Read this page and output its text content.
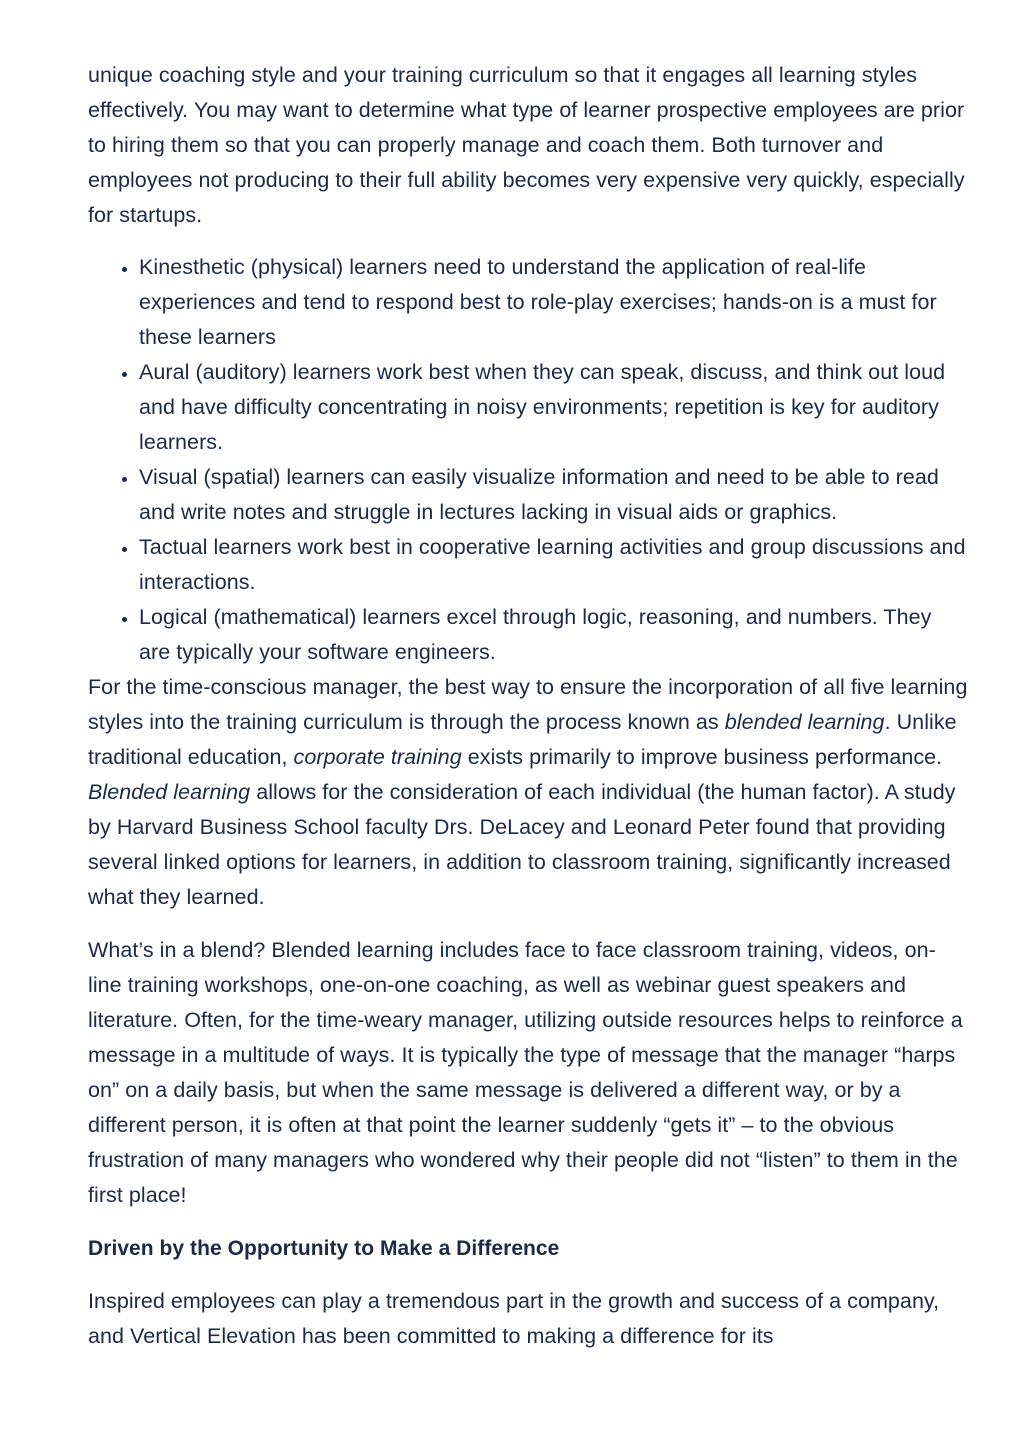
unique coaching style and your training curriculum so that it engages all learning styles effectively. You may want to determine what type of learner prospective employees are prior to hiring them so that you can properly manage and coach them. Both turnover and employees not producing to their full ability becomes very expensive very quickly, especially for startups.

• Kinesthetic (physical) learners need to understand the application of real-life experiences and tend to respond best to role-play exercises; hands-on is a must for these learners
• Aural (auditory) learners work best when they can speak, discuss, and think out loud and have difficulty concentrating in noisy environments; repetition is key for auditory learners.
• Visual (spatial) learners can easily visualize information and need to be able to read and write notes and struggle in lectures lacking in visual aids or graphics.
• Tactual learners work best in cooperative learning activities and group discussions and interactions.
• Logical (mathematical) learners excel through logic, reasoning, and numbers. They are typically your software engineers.

For the time-conscious manager, the best way to ensure the incorporation of all five learning styles into the training curriculum is through the process known as blended learning. Unlike traditional education, corporate training exists primarily to improve business performance. Blended learning allows for the consideration of each individual (the human factor). A study by Harvard Business School faculty Drs. DeLacey and Leonard Peter found that providing several linked options for learners, in addition to classroom training, significantly increased what they learned.

What’s in a blend? Blended learning includes face to face classroom training, videos, on-line training workshops, one-on-one coaching, as well as webinar guest speakers and literature. Often, for the time-weary manager, utilizing outside resources helps to reinforce a message in a multitude of ways. It is typically the type of message that the manager “harps on” on a daily basis, but when the same message is delivered a different way, or by a different person, it is often at that point the learner suddenly “gets it” – to the obvious frustration of many managers who wondered why their people did not “listen” to them in the first place!

Driven by the Opportunity to Make a Difference

Inspired employees can play a tremendous part in the growth and success of a company, and Vertical Elevation has been committed to making a difference for its
